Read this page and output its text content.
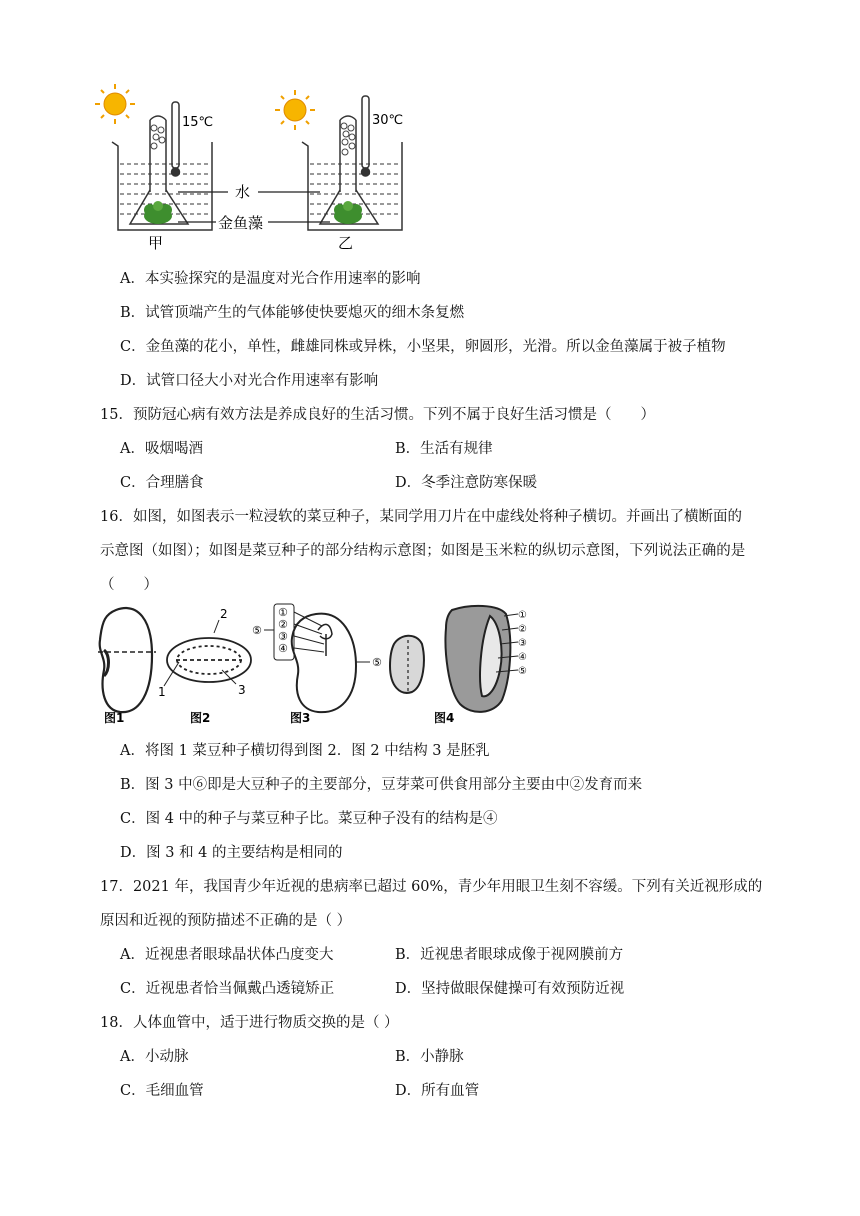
15℃	30℃
水
金鱼藻
甲	乙
A．本实验探究的是温度对光合作用速率的影响
B．试管顶端产生的气体能够使快要熄灭的细木条复燃
C．金鱼藻的花小，单性，雌雄同株或异株，小坚果，卵圆形，光滑。所以金鱼藻属于被子植物
D．试管口径大小对光合作用速率有影响
15．预防冠心病有效方法是养成良好的生活习惯。下列不属于良好生活习惯是（　　）
A．吸烟喝酒	B．生活有规律
C．合理膳食	D．冬季注意防寒保暖
16．如图，如图表示一粒浸软的菜豆种子，某同学用刀片在中虚线处将种子横切。并画出了横断面的
示意图（如图）；如图是菜豆种子的部分结构示意图；如图是玉米粒的纵切示意图，下列说法正确的是
（　　）
2
1	3
①
②
③
④
⑤
⑤
①
②
③
④
⑤
图1	图2	图3	图4
A．将图 1 菜豆种子横切得到图 2．图 2 中结构 3 是胚乳
B．图 3 中⑥即是大豆种子的主要部分，豆芽菜可供食用部分主要由中②发育而来
C．图 4 中的种子与菜豆种子比。菜豆种子没有的结构是④
D．图 3 和 4 的主要结构是相同的
17．2021 年，我国青少年近视的患病率已超过 60%，青少年用眼卫生刻不容缓。下列有关近视形成的
原因和近视的预防描述不正确的是（ ）
A．近视患者眼球晶状体凸度变大	B．近视患者眼球成像于视网膜前方
C．近视患者恰当佩戴凸透镜矫正	D．坚持做眼保健操可有效预防近视
18．人体血管中，适于进行物质交换的是（ ）
A．小动脉	B．小静脉
C．毛细血管	D．所有血管
